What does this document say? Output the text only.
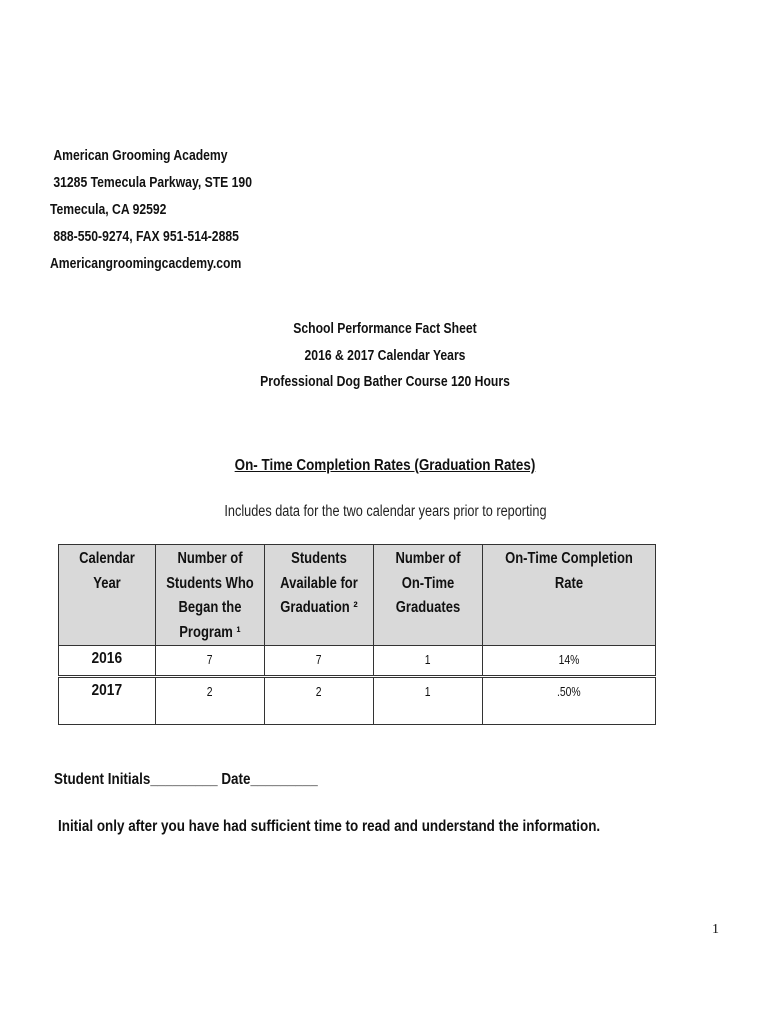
American Grooming Academy
31285 Temecula Parkway, STE 190
Temecula, CA 92592
888-550-9274, FAX 951-514-2885
Americangroomingcacdemy.com
School Performance Fact Sheet
2016 & 2017 Calendar Years
Professional Dog Bather Course 120 Hours
On- Time Completion Rates (Graduation Rates)
Includes data for the two calendar years prior to reporting
Calendar Year	Number of Students Who Began the Program ¹	Students Available for Graduation ²	Number of On-Time Graduates	On-Time Completion Rate
2016	7	7	1	14%
2017	2	2	1	.50%
Student Initials_________ Date_________
Initial only after you have had sufficient time to read and understand the information.
1
